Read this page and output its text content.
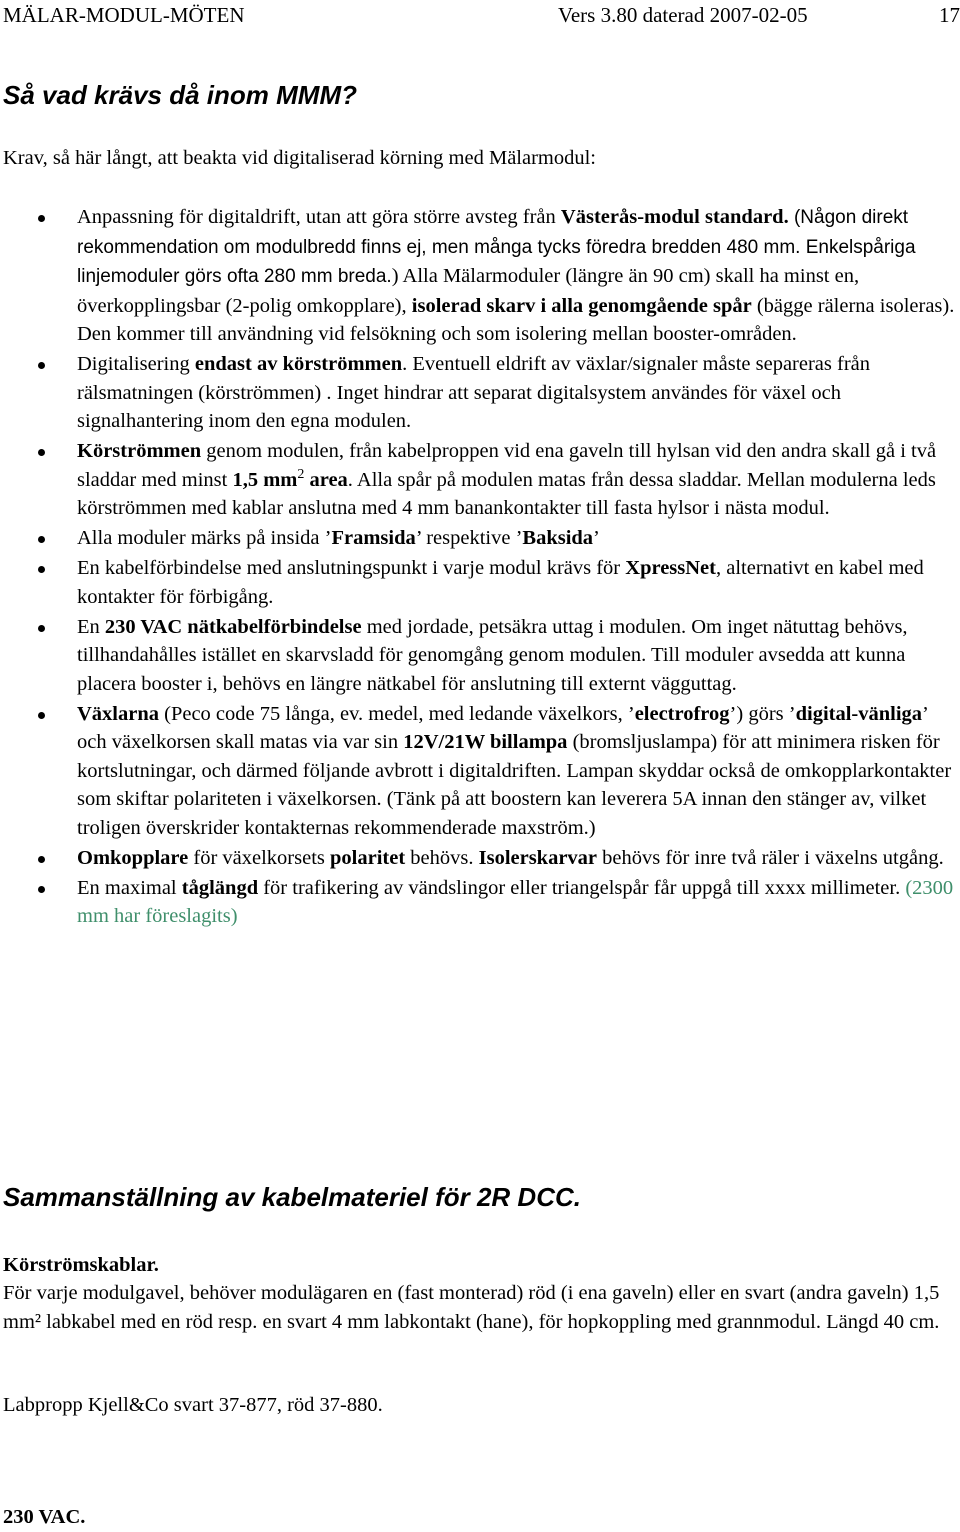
MÄLAR-MODUL-MÖTEN	Vers 3.80 daterad 2007-02-05	17
Så vad krävs då inom MMM?
Krav, så här långt, att beakta vid digitaliserad körning med Mälarmodul:
Anpassning för digitaldrift, utan att göra större avsteg från Västerås-modul standard. (Någon direkt rekommendation om modulbredd finns ej, men många tycks föredra bredden 480 mm. Enkelspåriga linjemoduler görs ofta 280 mm breda.) Alla Mälarmoduler (längre än 90 cm) skall ha minst en, överkopplingsbar (2-polig omkopplare), isolerad skarv i alla genomgående spår (bägge rälerna isoleras). Den kommer till användning vid felsökning och som isolering mellan booster-områden.
Digitalisering endast av körströmmen. Eventuell eldrift av växlar/signaler måste separeras från rälsmatningen (körströmmen) . Inget hindrar att separat digitalsystem användes för växel och signalhantering inom den egna modulen.
Körströmmen genom modulen, från kabelproppen vid ena gaveln till hylsan vid den andra skall gå i två sladdar med minst 1,5 $mm^2$ area. Alla spår på modulen matas från dessa sladdar. Mellan modulerna leds körströmmen med kablar anslutna med 4 mm banankontakter till fasta hylsor i nästa modul.
Alla moduler märks på insida ’Framsida’ respektive ’Baksida’
En kabelförbindelse med anslutningspunkt i varje modul krävs för XpressNet, alternativt en kabel med kontakter för förbigång.
En 230 VAC nätkabelförbindelse med jordade, petsäkra uttag i modulen. Om inget nätuttag behövs, tillhandahålles istället en skarvsladd för genomgång genom modulen. Till moduler avsedda att kunna placera booster i, behövs en längre nätkabel för anslutning till externt vägguttag.
Växlarna (Peco code 75 långa, ev. medel, med ledande växelkors, ’electrofrog’) görs ’digital-vänliga’ och växelkorsen skall matas via var sin 12V/21W billampa (bromsljuslampa) för att minimera risken för kortslutningar, och därmed följande avbrott i digitaldriften. Lampan skyddar också de omkopplarkontakter som skiftar polariteten i växelkorsen. (Tänk på att boostern kan leverera 5A innan den stänger av, vilket troligen överskrider kontakternas rekommenderade maxström.)
Omkopplare för växelkorsets polaritet behövs. Isolerskarvar behövs för inre två räler i växelns utgång.
En maximal tåglängd för trafikering av vändslingor eller triangelspår får uppgå till xxxx millimeter. (2300 mm har föreslagits)
Sammanställning av kabelmateriel för 2R DCC.
Körströmskablar.
För varje modulgavel, behöver modulägaren en (fast monterad) röd (i ena gaveln) eller en svart (andra gaveln) 1,5 mm² labkabel med en röd resp. en svart 4 mm labkontakt (hane), för hopkoppling med grannmodul. Längd 40 cm.
Labpropp Kjell&Co svart 37-877, röd 37-880.
230 VAC.
